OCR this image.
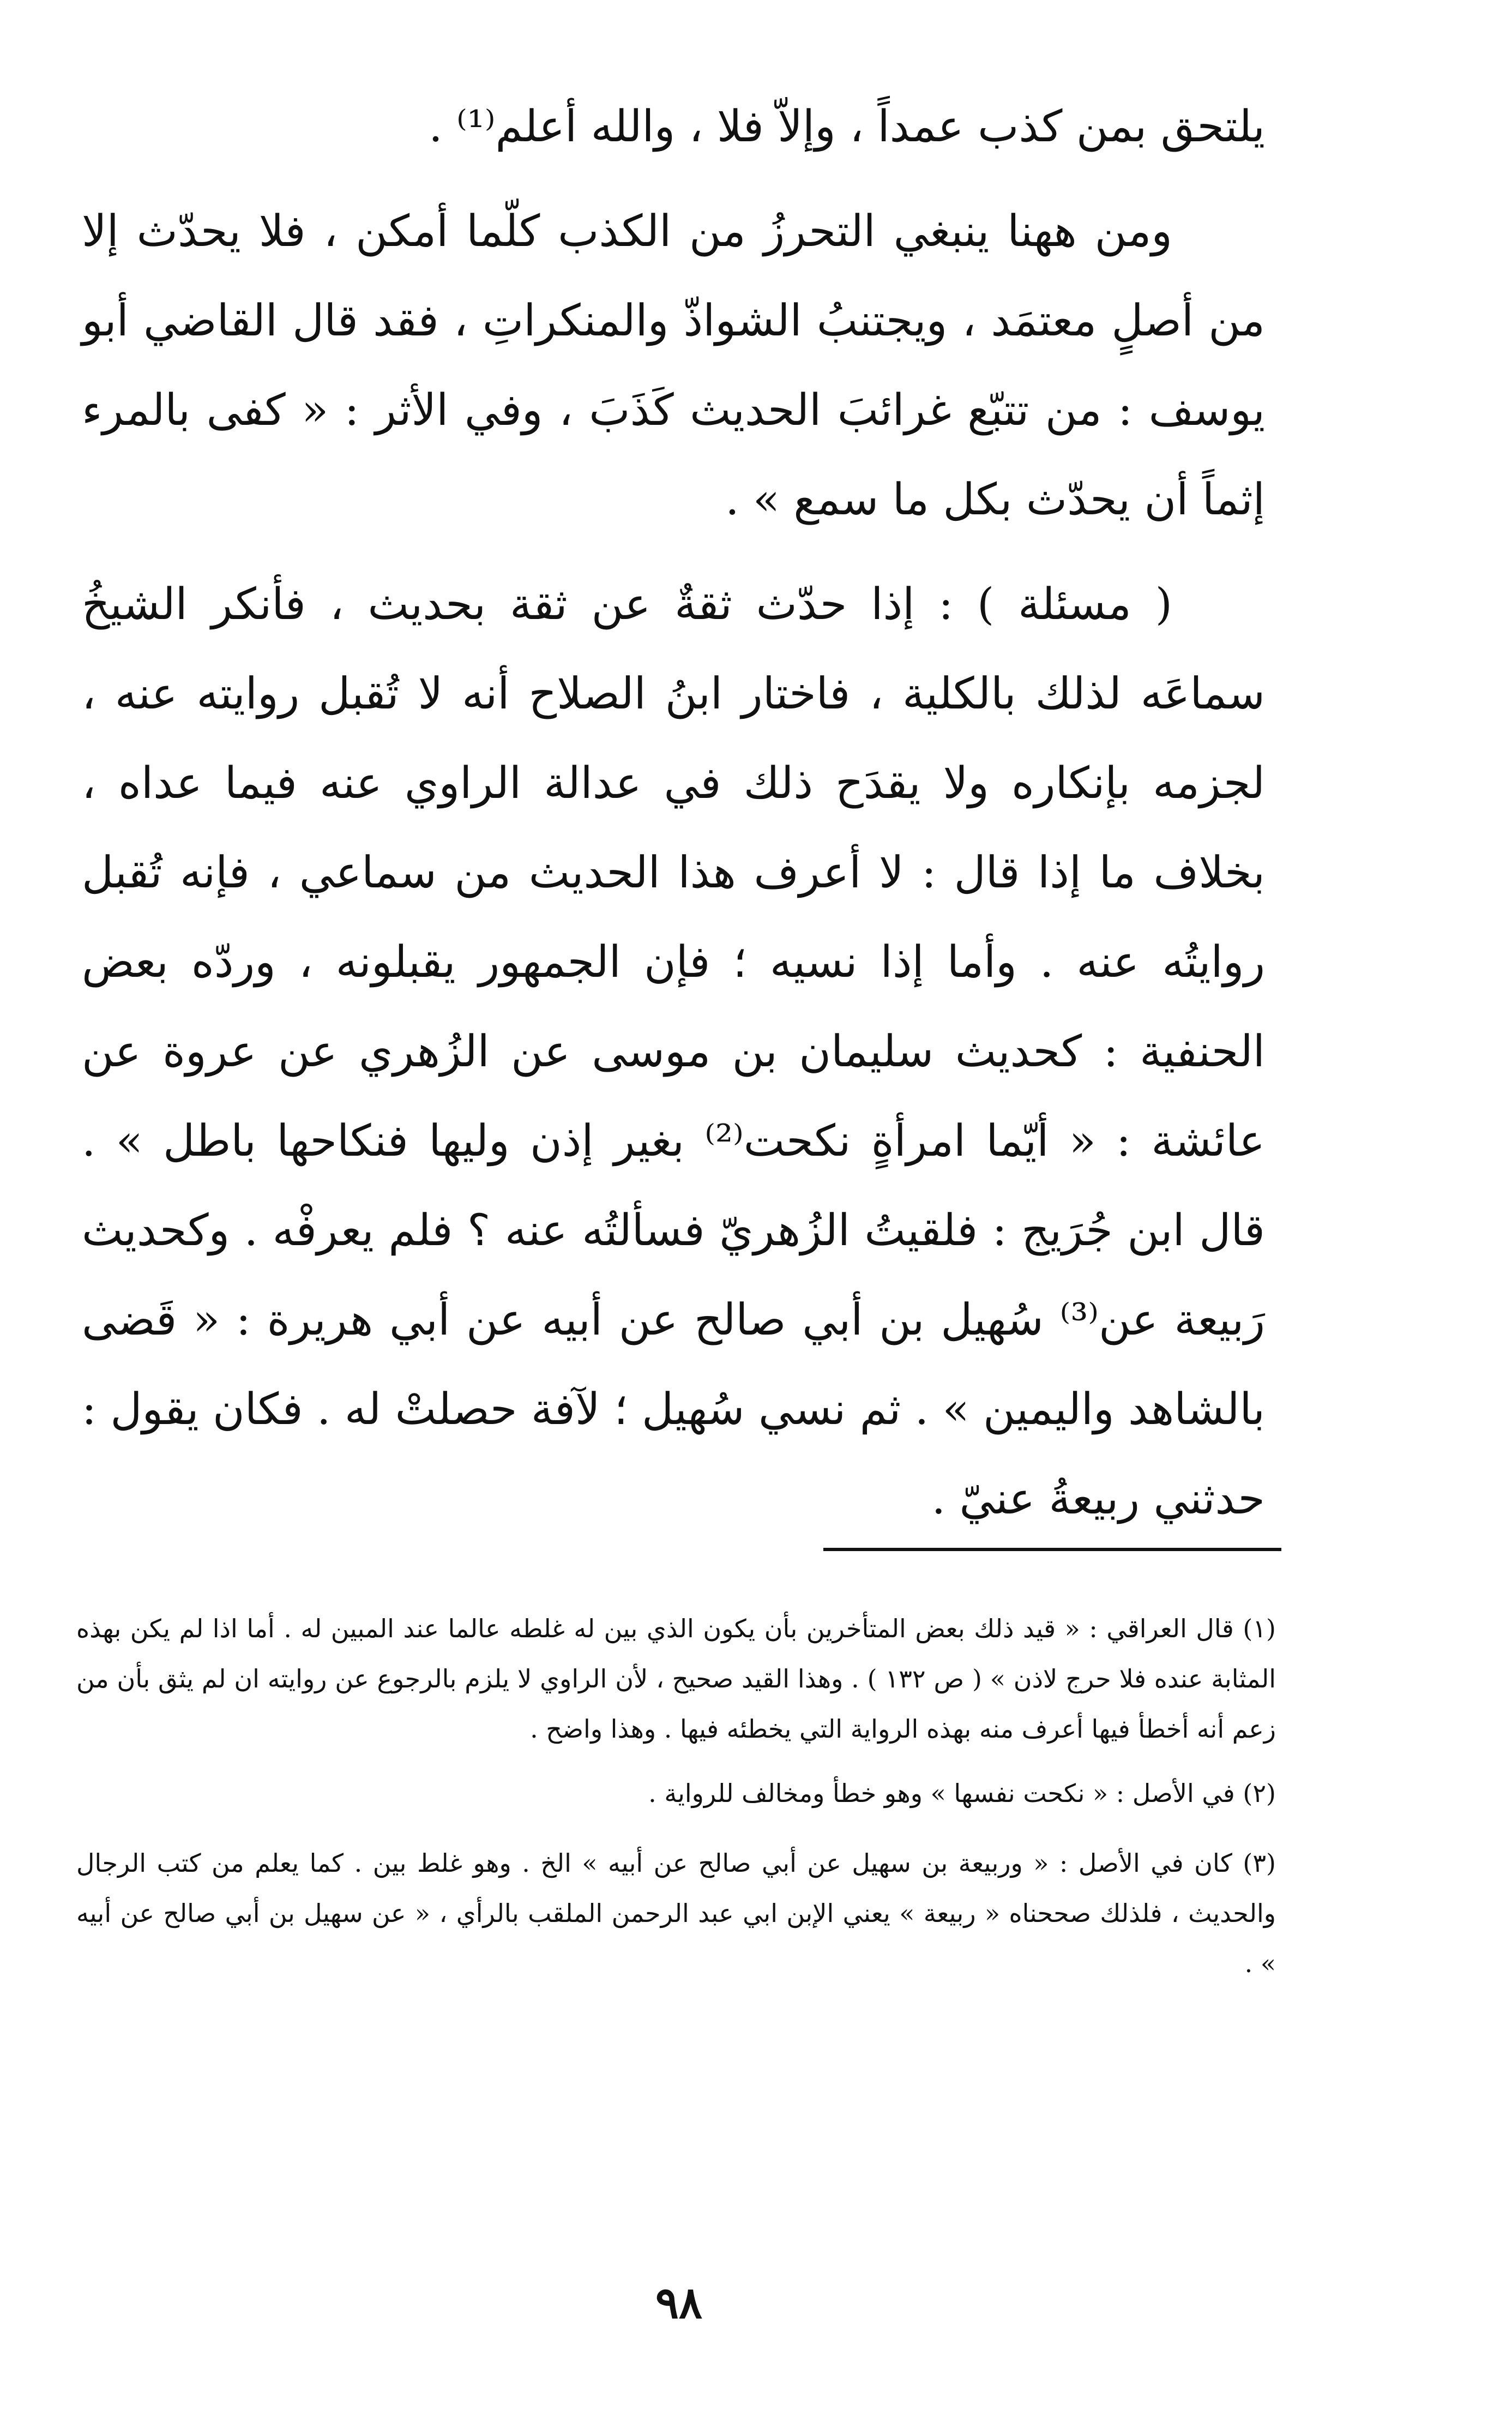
يلتحق بمن كذب عمداً ، وإلاّ فلا ، والله أعلم⁽¹⁾ .

ومن ههنا ينبغي التحرزُ من الكذب كلّما أمكن ، فلا يحدّث إلا من أصلٍ معتمَد ، ويجتنبُ الشواذّ والمنكراتِ ، فقد قال القاضي أبو يوسف : من تتبّع غرائبَ الحديث كَذَبَ ، وفي الأثر : « كفى بالمرء إثماً أن يحدّث بكل ما سمع » .

( مسئلة ) : إذا حدّث ثقةٌ عن ثقة بحديث ، فأنكر الشيخُ سماعَه لذلك بالكلية ، فاختار ابنُ الصلاح أنه لا تُقبل روايته عنه ، لجزمه بإنكاره ولا يقدَح ذلك في عدالة الراوي عنه فيما عداه ، بخلاف ما إذا قال : لا أعرف هذا الحديث من سماعي ، فإنه تُقبل روايتُه عنه . وأما إذا نسيه ؛ فإن الجمهور يقبلونه ، وردّه بعض الحنفية : كحديث سليمان بن موسى عن الزُهري عن عروة عن عائشة : « أيّما امرأةٍ نكحت⁽²⁾ بغير إذن وليها فنكاحها باطل » . قال ابن جُرَيج : فلقيتُ الزُهريّ فسألتُه عنه ؟ فلم يعرفْه . وكحديث رَبيعة عن⁽³⁾ سُهيل بن أبي صالح عن أبيه عن أبي هريرة : « قَضى بالشاهد واليمين » . ثم نسي سُهيل ؛ لآفة حصلتْ له . فكان يقول : حدثني ربيعةُ عنيّ .

(١) قال العراقي : « قيد ذلك بعض المتأخرين بأن يكون الذي بين له غلطه عالما عند المبين له . أما اذا لم يكن بهذه المثابة عنده فلا حرج لاذن » ( ص ١٣٢ ) . وهذا القيد صحيح ، لأن الراوي لا يلزم بالرجوع عن روايته ان لم يثق بأن من زعم أنه أخطأ فيها أعرف منه بهذه الرواية التي يخطئه فيها . وهذا واضح .

(٢) في الأصل : « نكحت نفسها » وهو خطأ ومخالف للرواية .

(٣) كان في الأصل : « وربيعة بن سهيل عن أبي صالح عن أبيه » الخ . وهو غلط بين . كما يعلم من كتب الرجال والحديث ، فلذلك صححناه « ربيعة » يعني الإبن ابي عبد الرحمن الملقب بالرأي ، « عن سهيل بن أبي صالح عن أبيه » .

٩٨
